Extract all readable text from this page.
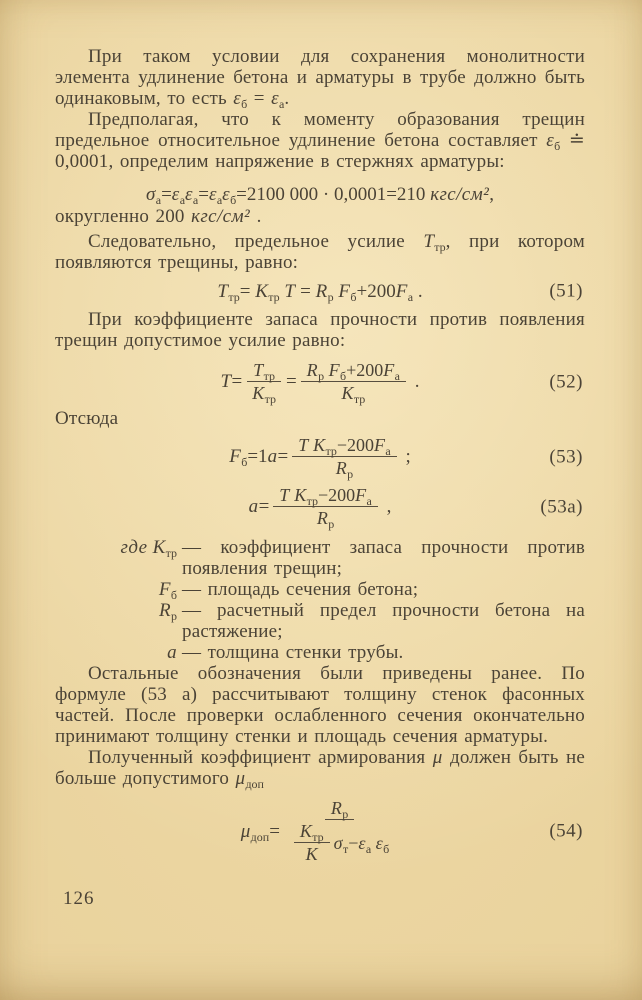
При таком условии для сохранения монолитности элемента удлинение бетона и арматуры в трубе должно быть одинаковым, то есть $\varepsilon_б = \varepsilon_а$.

Предполагая, что к моменту образования трещин предельное относительное удлинение бетона составляет $\varepsilon_б$ ≐ 0,0001, определим напряжение в стержнях арматуры:

$\sigma_а = \varepsilon_а$ $\varepsilon_а = \varepsilon_а$ $\varepsilon_б =2100$ 000 · 0,0001=210 кгс/см² ,

округленно 200 кгс/см² .

Следовательно, предельное усилие $Т_{тр}$, при котором появляются трещины, равно:

$Т_{тр} = К_{тр}$
$Т = R_р$
$F_б +200$ $F_а$ .	(51)

При коэффициенте запаса прочности против появления трещин допустимое усилие равно:

$T = \frac{Т_{тр}}{К_{тр}} = R_р$
$F_б +200$ $F_а$
$К_{тр}$ .	(52)

Отсюда

$F_б =1$ a = Т
$К_{тр} -200$ $F_а$
$R_р$ ;	(53)
a = Т
$К_{тр} -200$ $F_а$
$R_р$ ,	(53а)
где $К_{тр}$ — коэффициент запаса прочности против появления трещин;
$F_б$ — площадь сечения бетона;
$R_р$ — расчетный предел прочности бетона на растяжение;
a — толщина стенки трубы.

Остальные обозначения были приведены ранее. По формуле (53 а) рассчитывают толщину стенок фасонных частей. После проверки ослабленного сечения окончательно принимают толщину стенки и площадь сечения арматуры.

Полученный коэффициент армирования μ должен быть не больше допустимого $\mu_{доп}$

$\mu_{доп} = R_р$
$\frac{К_{тр}}{К} \sigma_т - \varepsilon_а$
$\varepsilon_б$	(54)
126
